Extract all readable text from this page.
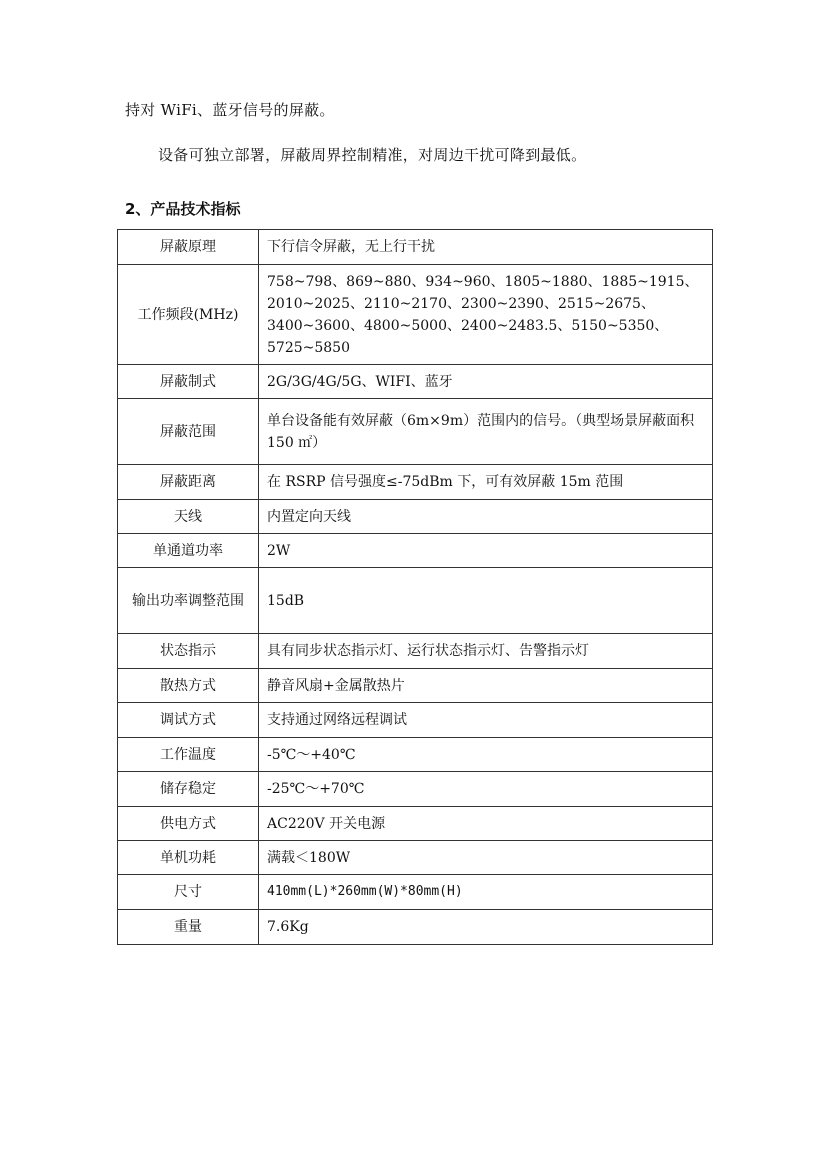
持对 WiFi、蓝牙信号的屏蔽。
设备可独立部署，屏蔽周界控制精准，对周边干扰可降到最低。
2、产品技术指标
屏蔽原理	下行信令屏蔽，无上行干扰
工作频段(MHz)	758~798、869~880、934~960、1805~1880、1885~1915、2010~2025、2110~2170、2300~2390、2515~2675、3400~3600、4800~5000、2400~2483.5、5150~5350、5725~5850
屏蔽制式	2G/3G/4G/5G、WIFI、蓝牙
屏蔽范围	单台设备能有效屏蔽（6m×9m）范围内的信号。（典型场景屏蔽面积 150 ㎡）
屏蔽距离	在 RSRP 信号强度≤-75dBm 下，可有效屏蔽 15m 范围
天线	内置定向天线
单通道功率	2W
输出功率调整范围	15dB
状态指示	具有同步状态指示灯、运行状态指示灯、告警指示灯
散热方式	静音风扇+金属散热片
调试方式	支持通过网络远程调试
工作温度	-5℃～+40℃
储存稳定	-25℃～+70℃
供电方式	AC220V 开关电源
单机功耗	满载＜180W
尺寸	410mm(L)*260mm(W)*80mm(H)
重量	7.6Kg
